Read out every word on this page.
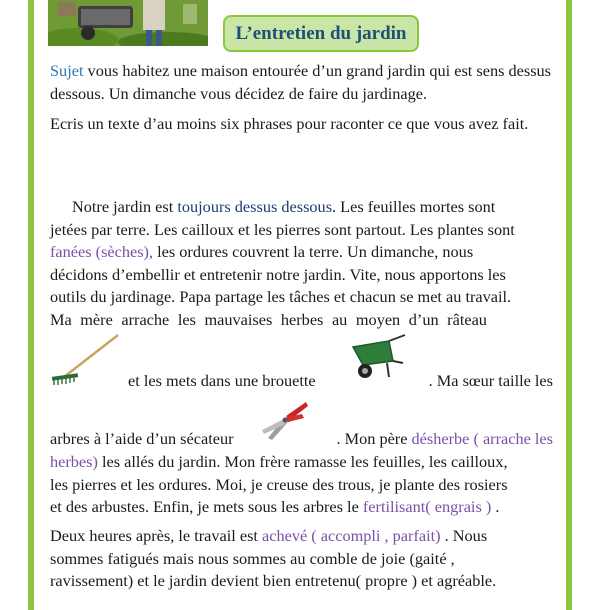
L’entretien du jardin
Sujet vous habitez une maison entourée d’un grand jardin qui est sens dessus dessous. Un dimanche vous décidez de faire du jardinage.
Ecris un texte d’au moins six phrases pour raconter ce que vous avez fait.
Notre jardin est toujours dessus dessous. Les feuilles mortes sont
jetées par terre. Les cailloux et les pierres sont partout. Les plantes sont
fanées (sèches), les ordures couvrent la terre. Un dimanche, nous
décidons d’embellir et entretenir notre jardin. Vite, nous apportons les
outils du jardinage. Papa partage les tâches et chacun se met au travail.
Ma mère arrache les mauvaises herbes au moyen d’un râteau
et les mets dans une brouette	. Ma sœur taille les
arbres à l’aide d’un sécateur	. Mon père désherbe ( arrache les
herbes) les allés du jardin. Mon frère ramasse les feuilles, les cailloux,
les pierres et les ordures. Moi, je creuse des trous, je plante des rosiers
et des arbustes. Enfin, je mets sous les arbres le fertilisant( engrais ) .
Deux heures après, le travail est achevé ( accompli , parfait) . Nous
sommes fatigués mais nous sommes au comble de joie (gaité ,
ravissement) et le jardin devient bien entretenu( propre ) et agréable.
